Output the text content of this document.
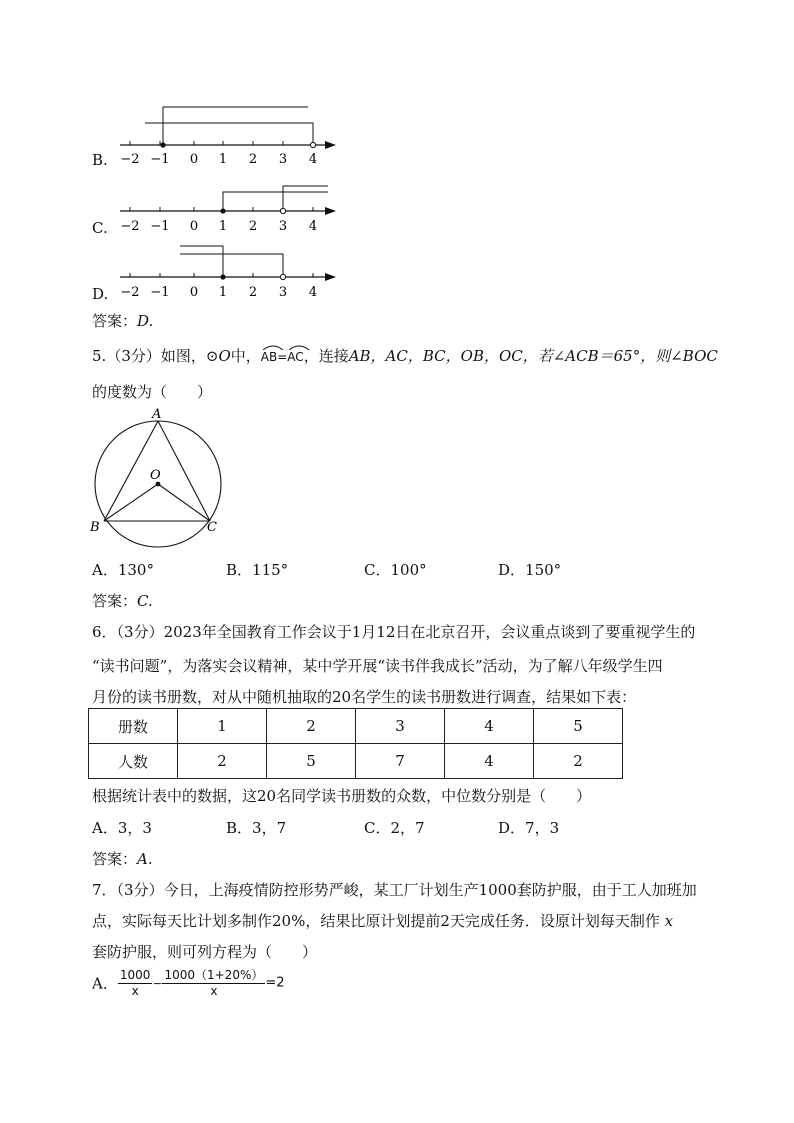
B. −2 −1 0 1 2 3 4
C. −2 −1 0 1 2 3 4
D. −2 −1 0 1 2 3 4
答案：D.
5.（3分）如图，⊙O中，
AB=
AC，连接AB，AC，BC，OB，OC，若∠ACB＝65°，则∠BOC
的度数为（　　）
A
O
B	C
A．130°	B．115°	C．100°	D．150°
答案：C.
6．（3分）2023年全国教育工作会议于1月12日在北京召开，会议重点谈到了要重视学生的
“读书问题”，为落实会议精神，某中学开展“读书伴我成长”活动，为了解八年级学生四
月份的读书册数，对从中随机抽取的20名学生的读书册数进行调查，结果如下表：
册数	1	2	3	4	5
人数	2	5	7	4	2
根据统计表中的数据，这20名同学读书册数的众数，中位数分别是（　　）
A．3，3	B．3，7	C．2，7	D．7，3
答案：A.
7．（3分）今日，上海疫情防控形势严峻，某工厂计划生产1000套防护服，由于工人加班加
点，实际每天比计划多制作20%，结果比原计划提前2天完成任务．设原计划每天制作 x
套防护服，则可列方程为（　　）
A． $\frac{1000}{x} - \frac{1000(1+20\%)}{x} =2$
